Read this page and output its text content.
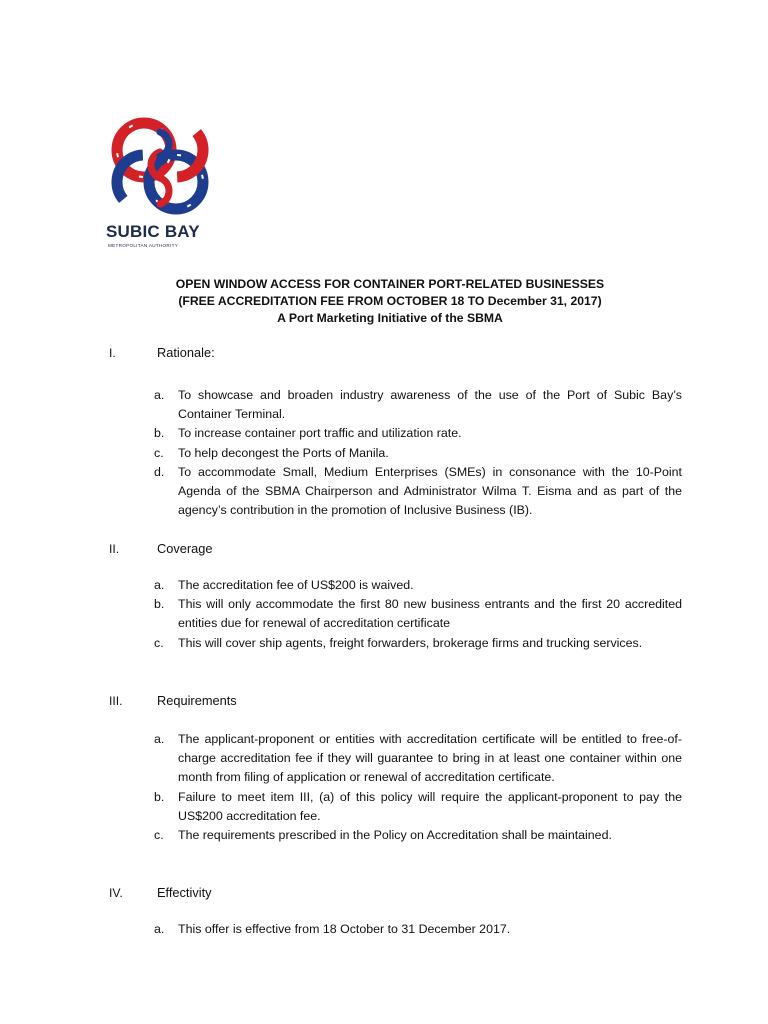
SUBIC BAY
METROPOLITAN AUTHORITY
OPEN WINDOW ACCESS FOR CONTAINER PORT-RELATED BUSINESSES
(FREE ACCREDITATION FEE FROM OCTOBER 18 TO December 31, 2017)
A Port Marketing Initiative of the SBMA
I.	Rationale:
a. To showcase and broaden industry awareness of the use of the Port of Subic Bay’s Container Terminal.
b. To increase container port traffic and utilization rate.
c. To help decongest the Ports of Manila.
d. To accommodate Small, Medium Enterprises (SMEs) in consonance with the 10-Point Agenda of the SBMA Chairperson and Administrator Wilma T. Eisma and as part of the agency’s contribution in the promotion of Inclusive Business (IB).
II.	Coverage
a. The accreditation fee of US$200 is waived.
b. This will only accommodate the first 80 new business entrants and the first 20 accredited entities due for renewal of accreditation certificate
c. This will cover ship agents, freight forwarders, brokerage firms and trucking services.
III.	Requirements
a. The applicant-proponent or entities with accreditation certificate will be entitled to free-of-charge accreditation fee if they will guarantee to bring in at least one container within one month from filing of application or renewal of accreditation certificate.
b. Failure to meet item III, (a) of this policy will require the applicant-proponent to pay the US$200 accreditation fee.
c. The requirements prescribed in the Policy on Accreditation shall be maintained.
IV.	Effectivity
a. This offer is effective from 18 October to 31 December 2017.
